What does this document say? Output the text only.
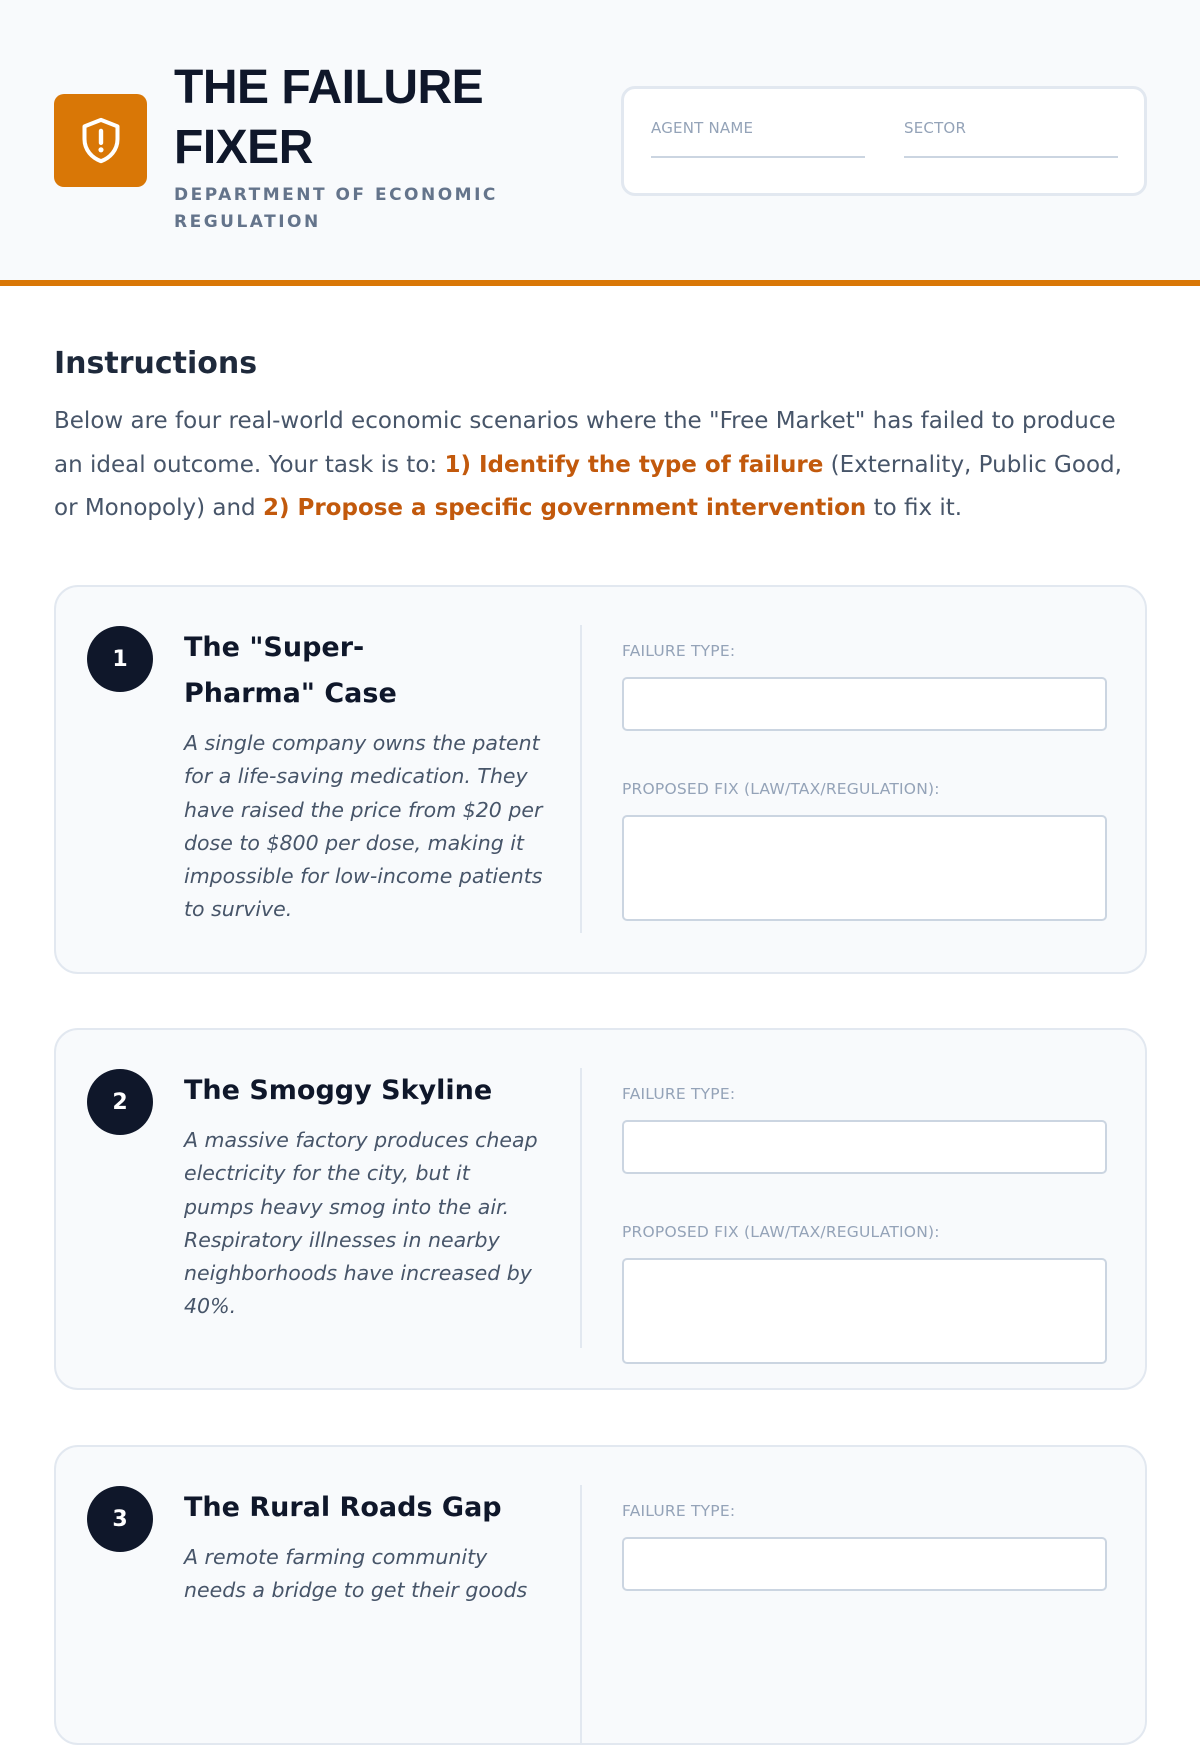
THE FAILURE FIXER
DEPARTMENT OF ECONOMIC REGULATION
AGENT NAME	SECTOR
Instructions

Below are four real-world economic scenarios where the "Free Market" has failed to produce an ideal outcome. Your task is to: 1) Identify the type of failure (Externality, Public Good, or Monopoly) and 2) Propose a specific government intervention to fix it.

1	The "Super-Pharma" Case
A single company owns the patent for a life-saving medication. They have raised the price from $20 per dose to $800 per dose, making it impossible for low-income patients to survive.
FAILURE TYPE:
PROPOSED FIX (LAW/TAX/REGULATION):
2	The Smoggy Skyline
A massive factory produces cheap electricity for the city, but it pumps heavy smog into the air. Respiratory illnesses in nearby neighborhoods have increased by 40%.
FAILURE TYPE:
PROPOSED FIX (LAW/TAX/REGULATION):
3	The Rural Roads Gap
A remote farming community needs a bridge to get their goods
FAILURE TYPE:
